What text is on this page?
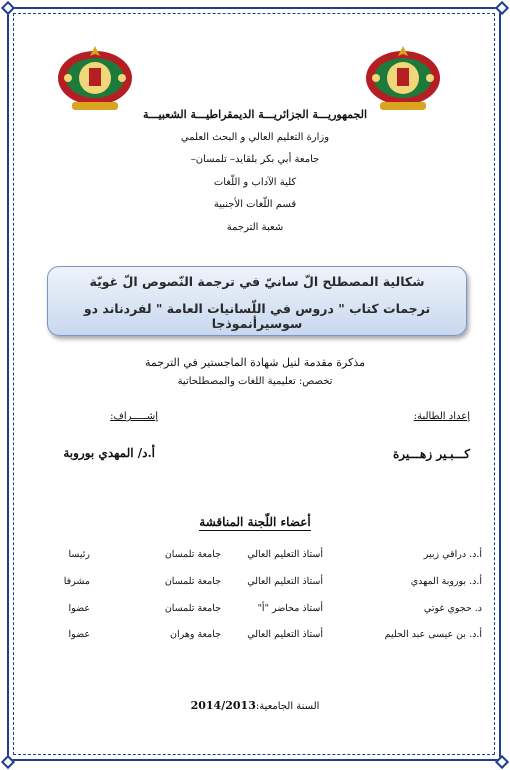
الجمهوريـــة الجزائريـــة الديمقراطيـــة الشعبيـــة
وزارة التعليم العالي و البحث العلمي
جامعة أبي بكر بلقايد– تلمسان–
كلية الآداب و اللّغات
قسم اللّغات الأجنبية
شعبة الترجمة
شكالية المصطلح الّ سانيّ في ترجمة النّصوص الّ غويّة
ترجمات كتاب " دروس في اللّسانيات العامة " لفردناند دو سوسيرأنموذجا
مذكرة مقدمة لنيل شهادة الماجستير في الترجمة
تخصص: تعليمية اللغات والمصطلحاتية
إعداد الطالبة:
إشـــــراف:
كـــبـير زهـــيرة
أ.د/ المهدي بوروبة
أعضاء اللّجنة المناقشة
أ.د. دراقي زبير
أستاذ التعليم العالي
جامعة تلمسان
رئيسا
أ.د. بوروبة المهدي
أستاذ التعليم العالي
جامعة تلمسان
مشرفا
د. حجوي غوتي
أستاذ محاضر "أ"
جامعة تلمسان
عضوا
أ.د. بن عيسى عبد الحليم
أستاذ التعليم العالي
جامعة وهران
عضوا
السنة الجامعية:2014/2013
